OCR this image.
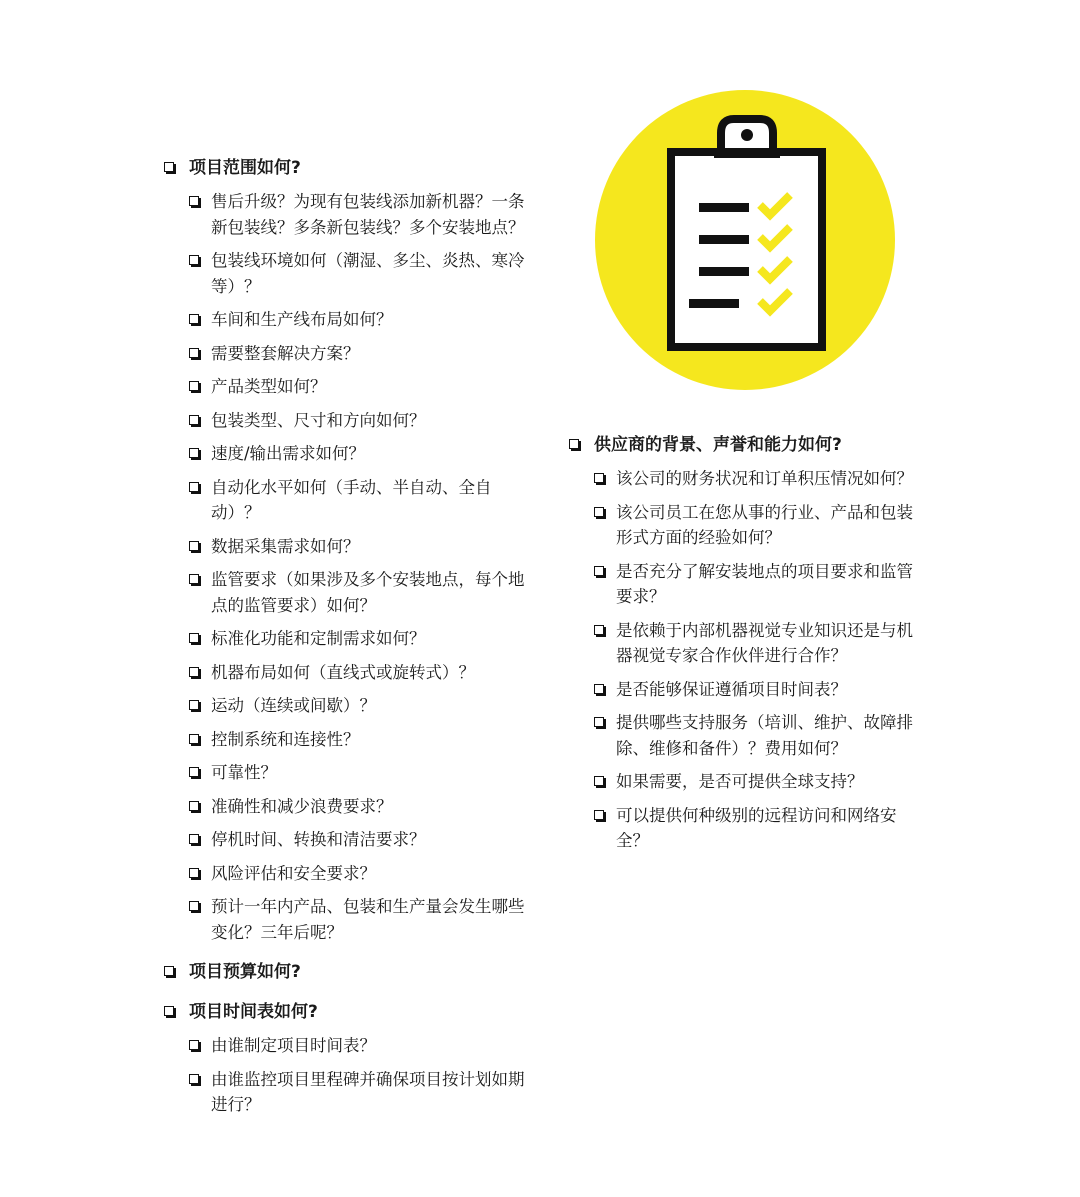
项目范围如何?
售后升级？为现有包装线添加新机器？一条新包装线？多条新包装线？多个安装地点？
包装线环境如何（潮湿、多尘、炎热、寒冷等）？
车间和生产线布局如何？
需要整套解决方案？
产品类型如何？
包装类型、尺寸和方向如何？
速度/输出需求如何？
自动化水平如何（手动、半自动、全自动）？
数据采集需求如何？
监管要求（如果涉及多个安装地点，每个地点的监管要求）如何？
标准化功能和定制需求如何？
机器布局如何（直线式或旋转式）？
运动（连续或间歇）？
控制系统和连接性？
可靠性？
准确性和减少浪费要求？
停机时间、转换和清洁要求？
风险评估和安全要求？
预计一年内产品、包装和生产量会发生哪些变化？三年后呢？
项目预算如何?
项目时间表如何?
由谁制定项目时间表？
由谁监控项目里程碑并确保项目按计划如期进行？
供应商的背景、声誉和能力如何?
该公司的财务状况和订单积压情况如何？
该公司员工在您从事的行业、产品和包装形式方面的经验如何？
是否充分了解安装地点的项目要求和监管要求？
是依赖于内部机器视觉专业知识还是与机器视觉专家合作伙伴进行合作？
是否能够保证遵循项目时间表？
提供哪些支持服务（培训、维护、故障排除、维修和备件）？费用如何？
如果需要，是否可提供全球支持？
可以提供何种级别的远程访问和网络安全？
